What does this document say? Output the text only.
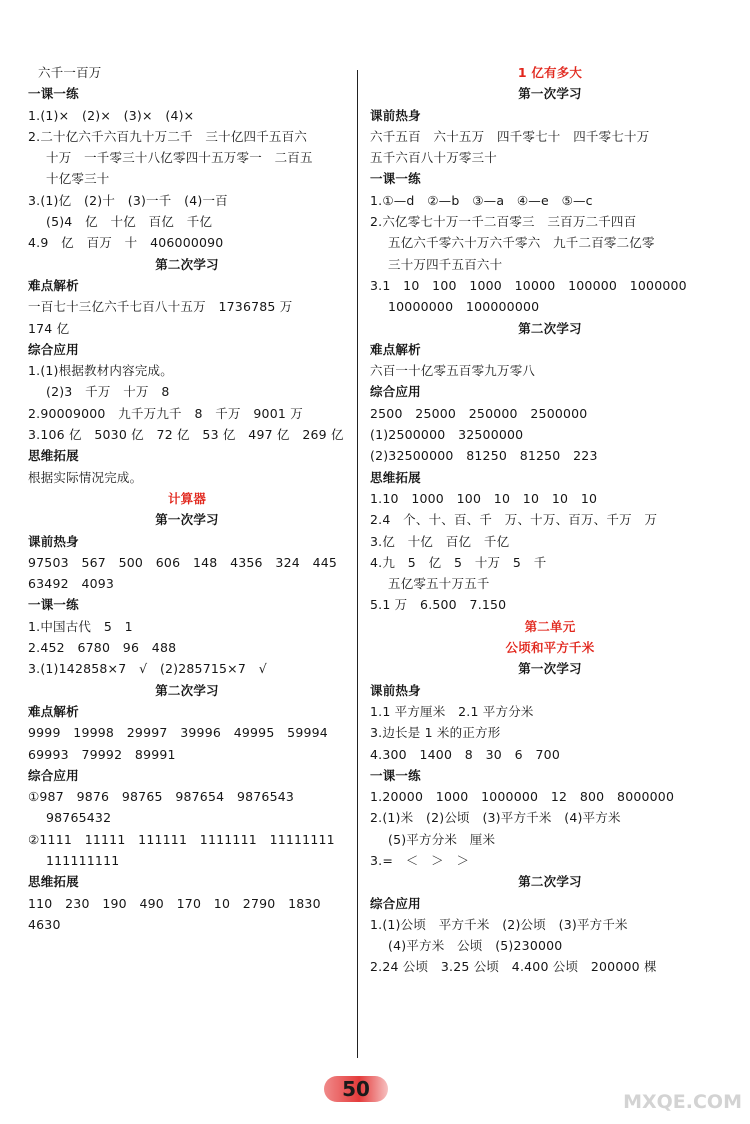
六千一百万
一课一练
1.(1)×　(2)×　(3)×　(4)×
2.二十亿六千六百九十万二千　三十亿四千五百六
十万　一千零三十八亿零四十五万零一　二百五
十亿零三十
3.(1)亿　(2)十　(3)一千　(4)一百
(5)4　亿　十亿　百亿　千亿
4.9　亿　百万　十　406000090
第二次学习
难点解析
一百七十三亿六千七百八十五万　1736785 万
174 亿
综合应用
1.(1)根据教材内容完成。
(2)3　千万　十万　8
2.90009000　九千万九千　8　千万　9001 万
3.106 亿　5030 亿　72 亿　53 亿　497 亿　269 亿
思维拓展
根据实际情况完成。
计算器
第一次学习
课前热身
97503　567　500　606　148　4356　324　445
63492　4093
一课一练
1.中国古代　5　1
2.452　6780　96　488
3.(1)142858×7　√　(2)285715×7　√
第二次学习
难点解析
9999　19998　29997　39996　49995　59994
69993　79992　89991
综合应用
①987　9876　98765　987654　9876543
98765432
②1111　11111　111111　1111111　11111111
111111111
思维拓展
110　230　190　490　170　10　2790　1830
4630
1 亿有多大
第一次学习
课前热身
六千五百　六十五万　四千零七十　四千零七十万
五千六百八十万零三十
一课一练
1.①—d　②—b　③—a　④—e　⑤—c
2.六亿零七十万一千二百零三　三百万二千四百
五亿六千零六十万六千零六　九千二百零二亿零
三十万四千五百六十
3.1　10　100　1000　10000　100000　1000000
10000000　100000000
第二次学习
难点解析
六百一十亿零五百零九万零八
综合应用
2500　25000　250000　2500000
(1)2500000　32500000
(2)32500000　81250　81250　223
思维拓展
1.10　1000　100　10　10　10　10
2.4　个、十、百、千　万、十万、百万、千万　万
3.亿　十亿　百亿　千亿
4.九　5　亿　5　十万　5　千
五亿零五十万五千
5.1 万　6.500　7.150
第二单元
公顷和平方千米
第一次学习
课前热身
1.1 平方厘米　2.1 平方分米
3.边长是 1 米的正方形
4.300　1400　8　30　6　700
一课一练
1.20000　1000　1000000　12　800　8000000
2.(1)米　(2)公顷　(3)平方千米　(4)平方米
(5)平方分米　厘米
3.=　＜　＞　＞
第二次学习
综合应用
1.(1)公顷　平方千米　(2)公顷　(3)平方千米
(4)平方米　公顷　(5)230000
2.24 公顷　3.25 公顷　4.400 公顷　200000 棵
50
MXQE.COM
